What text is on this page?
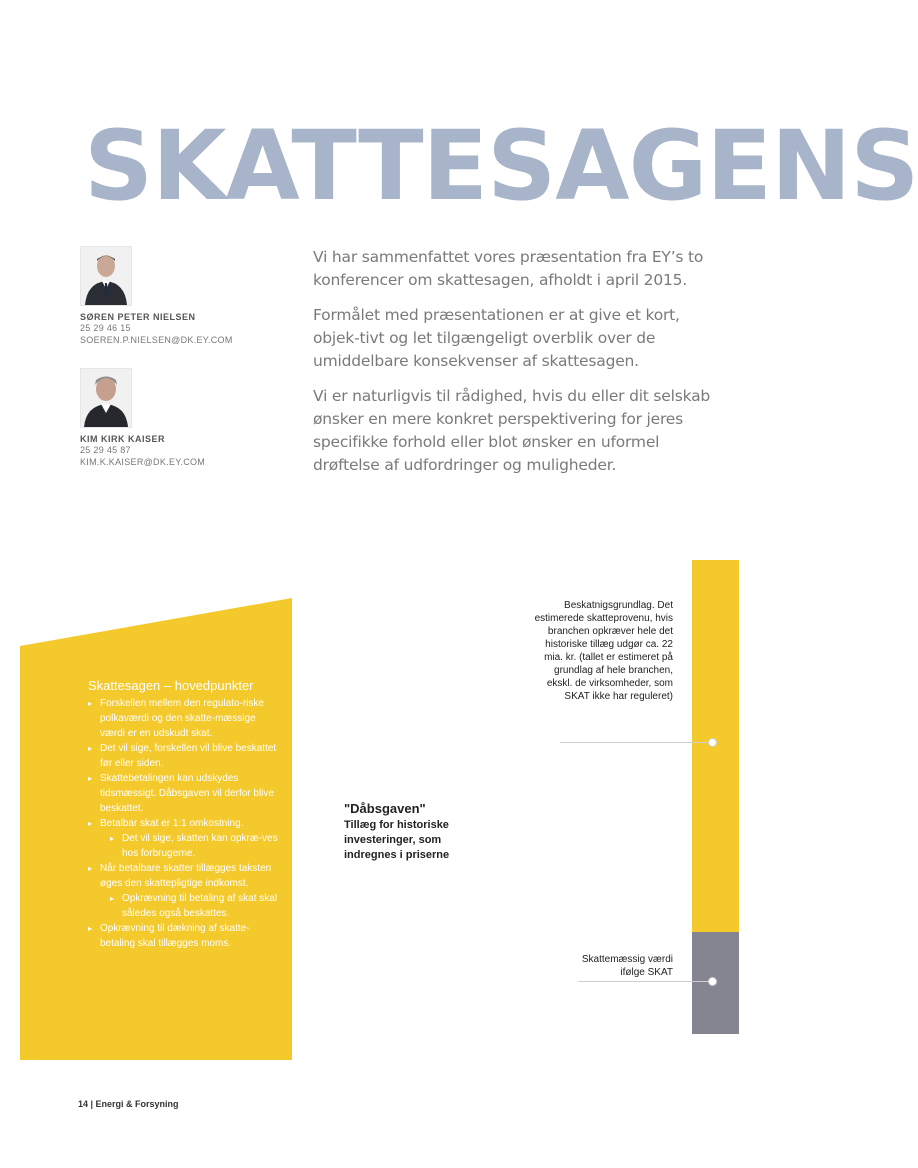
SKATTESAGENS
SØREN PETER NIELSEN
25 29 46 15
SOEREN.P.NIELSEN@DK.EY.COM
KIM KIRK KAISER
25 29 45 87
KIM.K.KAISER@DK.EY.COM

Vi har sammenfattet vores præsentation fra EY’s to konferencer om skattesagen, afholdt i april 2015.

Formålet med præsentationen er at give et kort, objek-tivt og let tilgængeligt overblik over de umiddelbare konsekvenser af skattesagen.

Vi er naturligvis til rådighed, hvis du eller dit selskab ønsker en mere konkret perspektivering for jeres specifikke forhold eller blot ønsker en uformel drøftelse af udfordringer og muligheder.

Skattesagen – hovedpunkter
▸ Forskellen mellem den regulato-riske polkaværdi og den skatte-mæssige værdi er en udskudt skat.
▸ Det vil sige, forskellen vil blive beskattet før eller siden.
▸ Skattebetalingen kan udskydes tidsmæssigt. Dåbsgaven vil derfor blive beskattet.
▸ Betalbar skat er 1:1 omkostning.
▸ Det vil sige, skatten kan opkræ-ves hos forbrugerne.
▸ Når betalbare skatter tillægges taksten øges den skattepligtige indkomst.
▸ Opkrævning til betaling af skat skal således også beskattes.
▸ Opkrævning til dækning af skatte-betaling skal tillægges moms.
Beskatnigsgrundlag. Det estimerede skatteprovenu, hvis branchen opkræver hele det historiske tillæg udgør ca. 22 mia. kr. (tallet er estimeret på grundlag af hele branchen, ekskl. de virksomheder, som SKAT ikke har reguleret)
"Dåbsgaven"
Tillæg for historiske investeringer, som indregnes i priserne
Skattemæssig værdi ifølge SKAT
14 | Energi & Forsyning
